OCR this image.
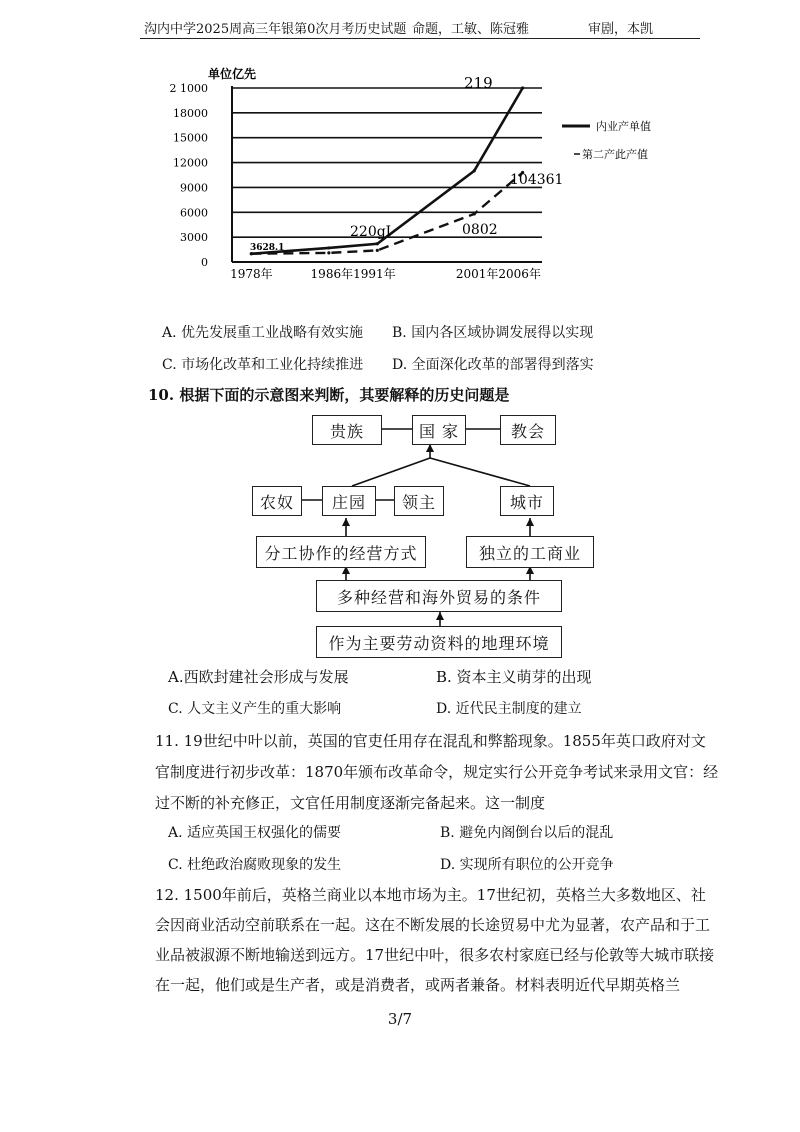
沟内中学2025周高三年银第0次月考历史试题 命题，工敏、陈冠雅	审剧，本凯
单位亿先
2 1000
18000
15000
12000
9000
6000
3000
0
1978年	1986年1991年	2001年2006年
内业产单值
第二产此产值
219
104361
220gI	0802
3628.1
A. 优先发展重工业战略有效实施 B. 国内各区域协调发展得以实现
C. 市场化改革和工业化持续推进 D. 全面深化改革的部署得到落实
10. 根据下面的示意图来判断，其要解释的历史问题是
贵族	国 家	教会
农奴	庄园	领主	城市
分工协作的经营方式	独立的工商业
多种经营和海外贸易的条件
作为主要劳动资料的地理环境
A.西欧封建社会形成与发展	B. 资本主义萌芽的出现
C. 人文主义产生的重大影响	D. 近代民主制度的建立
11. 19世纪中叶以前，英国的官吏任用存在混乱和弊豁现象。1855年英口政府对文
官制度进行初步改革：1870年颁布改革命令，规定实行公开竞争考试来录用文官：经
过不断的补充修正，文官任用制度逐渐完备起来。这一制度
A. 适应英国王权强化的儒要	B. 避免内阁倒台以后的混乱
C. 杜绝政治腐败现象的发生	D. 实现所有职位的公开竞争
12. 1500年前后，英格兰商业以本地市场为主。17世纪初，英格兰大多数地区、社
会因商业活动空前联系在一起。这在不断发展的长途贸易中尤为显著，农产品和于工
业品被淑源不断地输送到远方。17世纪中叶，很多农村家庭已经与伦敦等大城市联接
在一起，他们或是生产者，或是消费者，或两者兼备。材料表明近代早期英格兰
3/7
